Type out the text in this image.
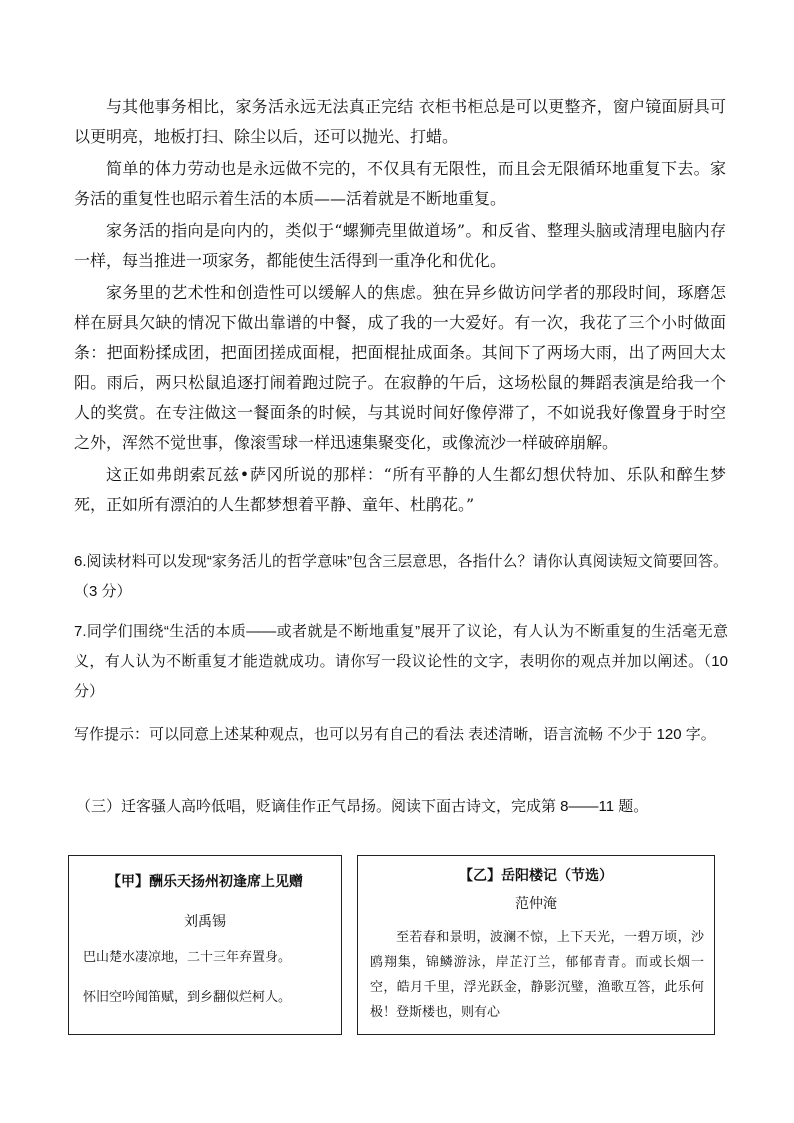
与其他事务相比，家务活永远无法真正完结 衣柜书柜总是可以更整齐，窗户镜面厨具可以更明亮，地板打扫、除尘以后，还可以抛光、打蜡。

简单的体力劳动也是永远做不完的，不仅具有无限性，而且会无限循环地重复下去。家务活的重复性也昭示着生活的本质——活着就是不断地重复。

家务活的指向是向内的，类似于“螺狮壳里做道场”。和反省、整理头脑或清理电脑内存一样，每当推进一项家务，都能使生活得到一重净化和优化。

家务里的艺术性和创造性可以缓解人的焦虑。独在异乡做访问学者的那段时间，琢磨怎样在厨具欠缺的情况下做出靠谱的中餐，成了我的一大爱好。有一次，我花了三个小时做面条：把面粉揉成团，把面团搓成面棍，把面棍扯成面条。其间下了两场大雨，出了两回大太阳。雨后，两只松鼠追逐打闹着跑过院子。在寂静的午后，这场松鼠的舞蹈表演是给我一个人的奖赏。在专注做这一餐面条的时候，与其说时间好像停滞了，不如说我好像置身于时空之外，浑然不觉世事，像滚雪球一样迅速集聚变化，或像流沙一样破碎崩解。

这正如弗朗索瓦兹•萨冈所说的那样：“所有平静的人生都幻想伏特加、乐队和醉生梦死，正如所有漂泊的人生都梦想着平静、童年、杜鹃花。”

6.阅读材料可以发现“家务活儿的哲学意味”包含三层意思，各指什么？请你认真阅读短文简要回答。（3 分）

7.同学们围绕“生活的本质——或者就是不断地重复”展开了议论，有人认为不断重复的生活毫无意义，有人认为不断重复才能造就成功。请你写一段议论性的文字，表明你的观点并加以阐述。（10 分）

写作提示：可以同意上述某种观点，也可以另有自己的看法 表述清晰，语言流畅 不少于 120 字。

（三）迁客骚人高吟低唱，贬谪佳作正气昂扬。阅读下面古诗文，完成第 8——11 题。

【甲】酬乐天扬州初逢席上见赠

刘禹锡

巴山楚水凄凉地，二十三年弃置身。
怀旧空吟闻笛赋，到乡翻似烂柯人。

【乙】岳阳楼记（节选）

范仲淹

至若春和景明，波澜不惊，上下天光，一碧万顷，沙鸥翔集，锦鳞游泳，岸芷汀兰，郁郁青青。而或长烟一空，皓月千里，浮光跃金，静影沉璧，渔歌互答，此乐何极！登斯楼也，则有心
